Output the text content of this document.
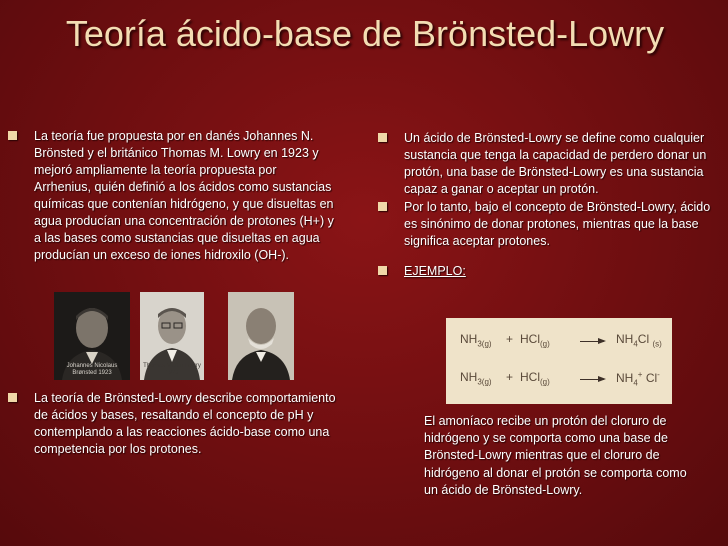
Teoría ácido-base de Brönsted-Lowry
La teoría fue propuesta por en danés Johannes N. Brönsted y el británico Thomas M. Lowry en 1923 y mejoró ampliamente la teoría propuesta por Arrhenius, quién definió a los ácidos como sustancias químicas que contenían hidrógeno, y que disueltas en agua producían una concentración de protones (H+) y a las bases como sustancias que disueltas en agua producían un exceso de iones hidroxilo (OH-).
Johannes Nicolaus Brønsted 1923
Thomas Martin Lowry 1923
La teoría de Brönsted-Lowry describe comportamiento de ácidos y bases, resaltando el concepto de pH y contemplando a las reacciones ácido-base como una competencia por los protones.
Un ácido de Brönsted-Lowry se define como cualquier sustancia que tenga la capacidad de perdero donar un protón, una base de Brönsted-Lowry es una sustancia capaz a ganar o aceptar un protón.
Por lo tanto, bajo el concepto de Brönsted-Lowry, ácido es sinónimo de donar protones, mientras que la base significa aceptar protones.
EJEMPLO:
$NH_{3(g)} + HCl_{(g)}$	→ $NH_4Cl$ $_{(s)}$
$NH_{3(g)} + HCl_{(g)}$	→ $NH_4^+$ Cl-
El amoníaco recibe un protón del cloruro de hidrógeno y se comporta como una base de Brönsted-Lowry mientras que el cloruro de hidrógeno al donar el protón se comporta como un ácido de Brönsted-Lowry.
